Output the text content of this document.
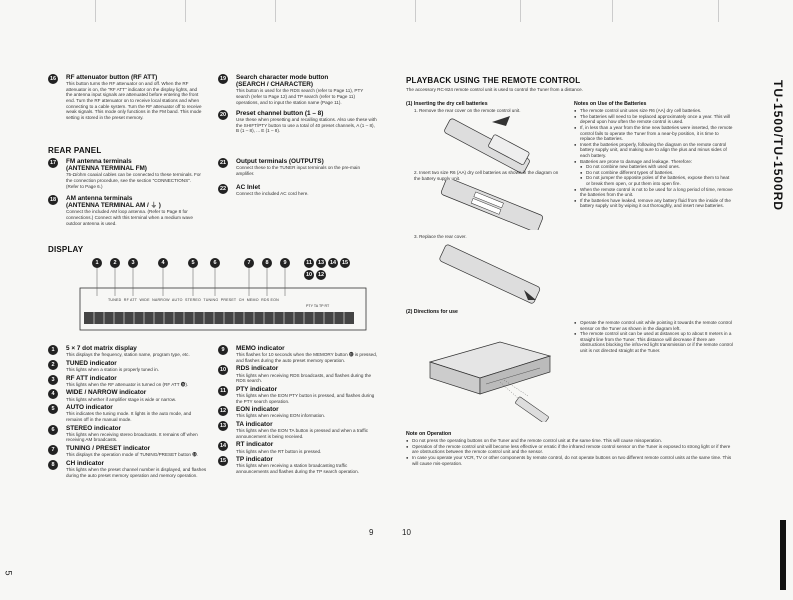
16	RF attenuator button (RF ATT)
This button turns the RF attenuator on and off. When the RF attenuator is on, the "RF ATT" indicator on the display lights, and the antenna input signals are attenuated before entering the front end. Turn the RF attenuator on to receive local stations and when connecting to a cable system. Turn the RF attenuator off to receive weak signals. This mode only functions in the FM band. This mode setting is stored in the preset memory.
REAR PANEL
17	FM antenna terminals
(ANTENNA TERMINAL FM)
75-Ω/ohm coaxial cables can be connected to these terminals. For the connection procedure, see the section "CONNECTIONS". (Refer to Page 6.)
18	AM antenna terminals
(ANTENNA TERMINAL AM / ⏚ )
Connect the included AM loop antenna. (Refer to Page 8 for connections.) Connect with this terminal when a medium wave outdoor antenna is used.
19	Search character mode button
(SEARCH / CHARACTER)
This button is used for the RDS search (refer to Page 11), PTY search (refer to Page 12) and TP search (refer to Page 11) operations, and to input the station name (Page 11).
20	Preset channel button (1 – 8)
Use these when presetting and recalling stations. Also use these with the SHIFT/PTY button to use a total of 40 preset channels, A (1 – 8), B (1 – 8), ... E (1 – 8).
21	Output terminals (OUTPUTS)
Connect these to the TUNER input terminals on the pre-main amplifier.
22	AC Inlet
Connect the included AC cord here.
DISPLAY
1	2	3	4	5	6	7	8	9	11	13	14	15
10	12
TUNED RF ATT WIDE NARROW AUTO STEREO TUNING PRESET CH MEMO RDS EON
PTY TA TP RT
1	5 × 7 dot matrix display
This displays the frequency, station name, program type, etc.
2	TUNED indicator
This lights when a station is properly tuned in.
3	RF ATT indicator
This lights when the RF attenuator is turned on (RF ATT ⓰).
4	WIDE / NARROW indicator
This lights whether if amplifier stage is wide or narrow.
5	AUTO indicator
This indicates the tuning mode. It lights in the auto mode, and remains off in the manual mode.
6	STEREO indicator
This lights when receiving stereo broadcasts. It remains off when receiving AM broadcasts.
7	TUNING / PRESET indicator
This displays the operation mode of TUNING/PRESET button ⓮.
8	CH indicator
This lights when the preset channel number is displayed, and flashes during the auto preset memory operation and memory operation.
9	MEMO indicator
This flashes for 10 seconds when the MEMORY button ⓫ is pressed, and flashes during the auto preset memory operation.
10	RDS indicator
This lights when receiving RDS broadcasts, and flashes during the RDS search.
11	PTY indicator
This lights when the EON PTY button is pressed, and flashes during the PTY search operation.
12	EON indicator
This lights when receiving EON information.
13	TA indicator
This lights when the EON TA button is pressed and when a traffic announcement is being received.
14	RT indicator
This lights when the RT button is pressed.
15	TP indicator
This lights when receiving a station broadcasting traffic announcements and flashes during the TP search operation.
PLAYBACK USING THE REMOTE CONTROL
The accessory RC-824 remote control unit is used to control the Tuner from a distance.
(1) Inserting the dry cell batteries
1. Remove the rear cover on the remote control unit.
2. Insert two size R6 (AA) dry cell batteries as shown in the diagram on the battery supply unit.
3. Replace the rear cover.
Notes on Use of the Batteries
● The remote control unit uses size R6 (AA) dry cell batteries.
● The batteries will need to be replaced approximately once a year. This will depend upon how often the remote control is used.
● If, in less than a year from the time new batteries were inserted, the remote control fails to operate the Tuner from a near-by position, it is time to replace the batteries.
● Insert the batteries properly, following the diagram on the remote control battery supply unit, and making sure to align the plus and minus sides of each battery.
● Batteries are prone to damage and leakage. Therefore:
● Do not combine new batteries with used ones.
● Do not combine different types of batteries.
● Do not jumper the opposite poles of the batteries, expose them to heat or break them open, or put them into open fire.
● When the remote control is not to be used for a long period of time, remove the batteries from the unit.
● If the batteries have leaked, remove any battery fluid from the inside of the battery supply unit by wiping it out thoroughly, and insert new batteries.
(2) Directions for use
● Operate the remote control unit while pointing it towards the remote control sensor on the Tuner as shown in the diagram left.
● The remote control unit can be used at distances up to about 8 meters in a straight line from the Tuner. This distance will decrease if there are obstructions blocking the infra-red light transmission or if the remote control unit is not directed straight at the Tuner.
Note on Operation
● Do not press the operating buttons on the Tuner and the remote control unit at the same time. This will cause misoperation.
● Operation of the remote control unit will become less effective or erratic if the infrared remote control sensor on the Tuner is exposed to strong light or if there are obstructions between the remote control unit and the sensor.
● In case you operate your VCR, TV or other components by remote control, do not operate buttons on two different remote control units at the same time. This will cause mis-operation.
9	10
5
TU-1500/TU-1500RD
